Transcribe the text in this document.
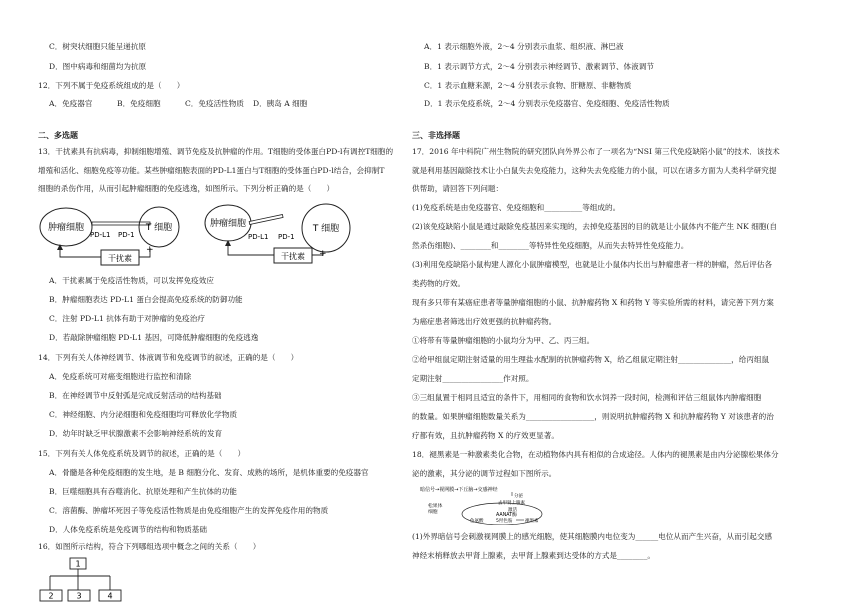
C．树突状细胞只能呈递抗原
D．图中病毒和细菌均为抗原
12．下列不属于免疫系统组成的是（　　）
A．免疫器官	B．免疫细胞	C．免疫活性物质 D．胰岛 A 细胞
二、多选题
13．干扰素具有抗病毒，抑制细胞增殖、调节免疫及抗肿瘤的作用。T细胞的受体蛋白PD-l有调控T细胞的
增殖和活化、细胞免疫等功能。某些肿瘤细胞表面的PD-L1蛋白与T细胞的受体蛋白PD-l结合，会抑制T
细胞的杀伤作用，从而引起肿瘤细胞的免疫逃逸，如图所示。下列分析正确的是（　　）
肿瘤细胞	T 细胞
PD-L1 PD-1
干扰素
+
肿瘤细胞	T 细胞
PD-L1 PD-1
干扰素 +
A．干扰素属于免疫活性物质，可以发挥免疫效应
B．肿瘤细胞表达 PD-L1 蛋白会提高免疫系统的防御功能
C．注射 PD-L1 抗体有助于对肿瘤的免疫治疗
D．若敲除肿瘤细胞 PD-L1 基因，可降低肿瘤细胞的免疫逃逸
14．下列有关人体神经调节、体液调节和免疫调节的叙述，正确的是（　　）
A．免疫系统可对癌变细胞进行监控和清除
B．在神经调节中反射弧是完成反射活动的结构基础
C．神经细胞、内分泌细胞和免疫细胞均可释放化学物质
D．幼年时缺乏甲状腺激素不会影响神经系统的发育
15．下列有关人体免疫系统及调节的叙述，正确的是（　　）
A．骨髓是各种免疫细胞的发生地，是 B 细胞分化、发育、成熟的场所，是机体重要的免疫器官
B．巨噬细胞具有吞噬消化、抗原处理和产生抗体的功能
C．溶菌酶、肿瘤坏死因子等免疫活性物质是由免疫细胞产生的发挥免疫作用的物质
D．人体免疫系统是免疫调节的结构和物质基础
16．如图所示结构，符合下列哪组选项中概念之间的关系（　　）
1
2	3	4
A．1 表示细胞外液，2～4 分别表示血浆、组织液、淋巴液
B．1 表示调节方式，2～4 分别表示神经调节、激素调节、体液调节
C．1 表示血糖来源，2～4 分别表示食物、肝糖原、非糖物质
D．1 表示免疫系统，2～4 分别表示免疫器官、免疫细胞、免疫活性物质
三、非选择题
17．2016 年中科院广州生物院的研究团队向外界公布了一项名为“NSI 第三代免疫缺陷小鼠”的技术．该技术
就是利用基因敲除技术让小白鼠失去免疫能力，这种失去免疫能力的小鼠，可以在诸多方面为人类科学研究提
供帮助，请回答下列问题：
(1)免疫系统是由免疫器官、免疫细胞和__________等组成的。
(2)该免疫缺陷小鼠是通过敲除免疫基因来实现的，去掉免疫基因的目的就是让小鼠体内不能产生 NK 细胞(自
然杀伤细胞)、________和________等特异性免疫细胞，从而失去特异性免疫能力。
(3)利用免疫缺陷小鼠构建人源化小鼠肿瘤模型，也就是让小鼠体内长出与肿瘤患者一样的肿瘤，然后评估各
类药物的疗效。
现有多只带有某癌症患者等量肿瘤细胞的小鼠、抗肿瘤药物 X 和药物 Y 等实验所需的材料，请完善下列方案
为癌症患者筛选出疗效更强的抗肿瘤药物。
①将带有等量肿瘤细胞的小鼠均分为甲、乙、丙三组。
②给甲组鼠定期注射适量的用生理盐水配制的抗肿瘤药物 X，给乙组鼠定期注射______________，给丙组鼠
定期注射________________作对照。
③三组鼠置于相同且适宜的条件下，用相同的食物和饮水饲养一段时间，检测和评估三组鼠体内肿瘤细胞
的数量。如果肿瘤细胞数量关系为__________________，则说明抗肿瘤药物 X 和抗肿瘤药物 Y 对该患者的治
疗都有效，且抗肿瘤药物 X 的疗效更显著。
18．褪黑素是一种激素类化合物，在动植物体内具有相似的合成途径。人体内的褪黑素是由内分泌腺松果体分
泌的激素，其分泌的调节过程如下图所示。
暗信号→视网膜→下丘脑→交感神经
分泌
去甲肾上腺素
松果体
细胞	激活
AANAT酶
色氨酸	5羟色胺	褪黑素
(1)外界暗信号会刺激视网膜上的感光细胞，使其细胞膜内电位变为______电位从而产生兴奋，从而引起交感
神经末梢释放去甲肾上腺素，去甲肾上腺素到达受体的方式是________。
